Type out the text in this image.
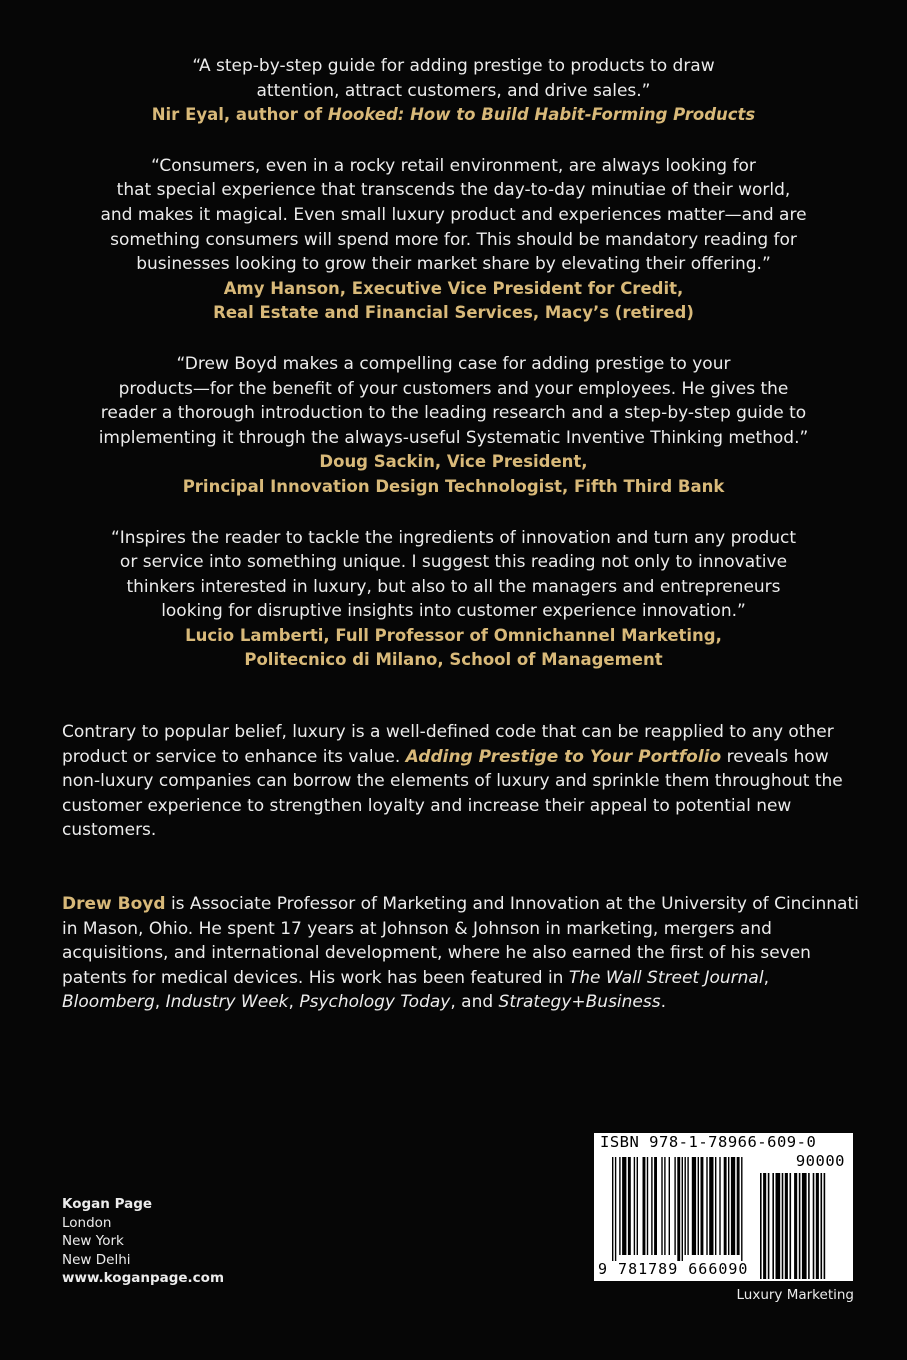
“A step-by-step guide for adding prestige to products to draw
attention, attract customers, and drive sales.”

Nir Eyal, author of Hooked: How to Build Habit-Forming Products

“Consumers, even in a rocky retail environment, are always looking for
that special experience that transcends the day-to-day minutiae of their world,
and makes it magical. Even small luxury product and experiences matter—and are
something consumers will spend more for. This should be mandatory reading for
businesses looking to grow their market share by elevating their offering.”

Amy Hanson, Executive Vice President for Credit,
Real Estate and Financial Services, Macy’s (retired)

“Drew Boyd makes a compelling case for adding prestige to your
products—for the benefit of your customers and your employees. He gives the
reader a thorough introduction to the leading research and a step-by-step guide to
implementing it through the always-useful Systematic Inventive Thinking method.”

Doug Sackin, Vice President,
Principal Innovation Design Technologist, Fifth Third Bank

“Inspires the reader to tackle the ingredients of innovation and turn any product
or service into something unique. I suggest this reading not only to innovative
thinkers interested in luxury, but also to all the managers and entrepreneurs
looking for disruptive insights into customer experience innovation.”

Lucio Lamberti, Full Professor of Omnichannel Marketing,
Politecnico di Milano, School of Management

Contrary to popular belief, luxury is a well-defined code that can be reapplied to any other product or service to enhance its value. Adding Prestige to Your Portfolio reveals how non-luxury companies can borrow the elements of luxury and sprinkle them throughout the customer experience to strengthen loyalty and increase their appeal to potential new customers.

Drew Boyd is Associate Professor of Marketing and Innovation at the University of Cincinnati in Mason, Ohio. He spent 17 years at Johnson & Johnson in marketing, mergers and acquisitions, and international development, where he also earned the first of his seven patents for medical devices. His work has been featured in The Wall Street Journal, Bloomberg, Industry Week, Psychology Today, and Strategy+Business.

Kogan Page
London
New York
New Delhi
www.koganpage.com
ISBN 978-1-78966-609-0
90000
9 781789 666090
Luxury Marketing
